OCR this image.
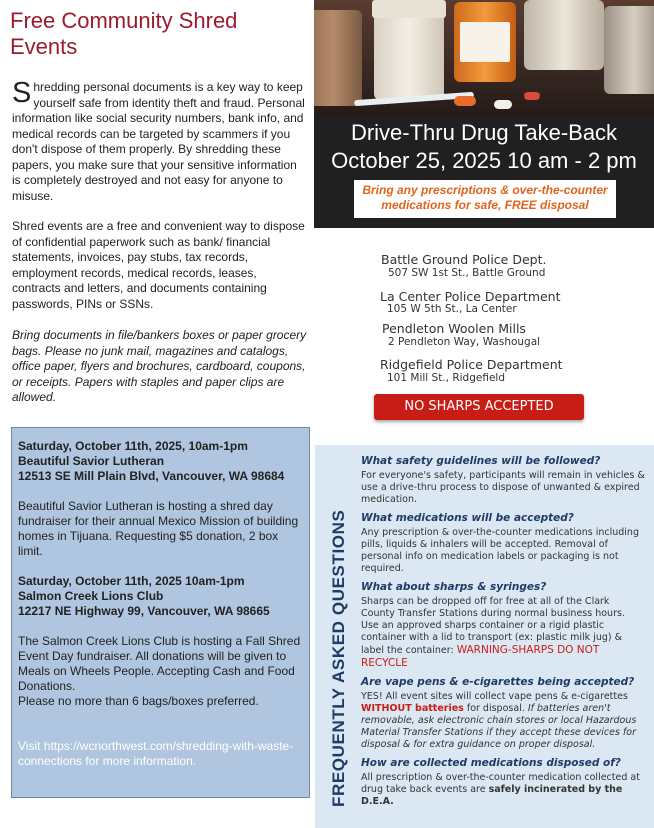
Free Community Shred Events

Shredding personal documents is a key way to keep yourself safe from identity theft and fraud. Personal information like social security numbers, bank info, and medical records can be targeted by scammers if you don't dispose of them properly. By shredding these papers, you make sure that your sensitive information is completely destroyed and not easy for anyone to misuse.

Shred events are a free and convenient way to dispose of confidential paperwork such as bank/ financial statements, invoices, pay stubs, tax records, employment records, medical records, leases, contracts and letters, and documents containing passwords, PINs or SSNs.

Bring documents in file/bankers boxes or paper grocery bags. Please no junk mail, magazines and catalogs, office paper, flyers and brochures, cardboard, coupons, or receipts. Papers with staples and paper clips are allowed.

Saturday, October 11th, 2025, 10am-1pm

Beautiful Savior Lutheran

12513 SE Mill Plain Blvd, Vancouver, WA 98684

Beautiful Savior Lutheran is hosting a shred day fundraiser for their annual Mexico Mission of building homes in Tijuana. Requesting $5 donation, 2 box limit.

Saturday, October 11th, 2025 10am-1pm

Salmon Creek Lions Club

12217 NE Highway 99, Vancouver, WA 98665

The Salmon Creek Lions Club is hosting a Fall Shred Event Day fundraiser. All donations will be given to Meals on Wheels People. Accepting Cash and Food Donations.

Please no more than 6 bags/boxes preferred.

Visit https://wcnorthwest.com/shredding-with-waste-connections for more information.

Drive-Thru Drug Take-Back
October 25, 2025 10 am - 2 pm
Bring any prescriptions & over-the-counter medications for safe, FREE disposal
Battle Ground Police Dept.
507 SW 1st St., Battle Ground
La Center Police Department
105 W 5th St., La Center
Pendleton Woolen Mills
2 Pendleton Way, Washougal
Ridgefield Police Department
101 Mill St., Ridgefield
NO SHARPS ACCEPTED
FREQUENTLY ASKED QUESTIONS

What safety guidelines will be followed?

For everyone's safety, participants will remain in vehicles & use a drive-thru process to dispose of unwanted & expired medication.

What medications will be accepted?

Any prescription & over-the-counter medications including pills, liquids & inhalers will be accepted. Removal of personal info on medication labels or packaging is not required.

What about sharps & syringes?

Sharps can be dropped off for free at all of the Clark County Transfer Stations during normal business hours. Use an approved sharps container or a rigid plastic container with a lid to transport (ex: plastic milk jug) & label the container: WARNING-SHARPS DO NOT RECYCLE

Are vape pens & e-cigarettes being accepted?

YES! All event sites will collect vape pens & e-cigarettes WITHOUT batteries for disposal. If batteries aren't removable, ask electronic chain stores or local Hazardous Material Transfer Stations if they accept these devices for disposal & for extra guidance on proper disposal.

How are collected medications disposed of?

All prescription & over-the-counter medication collected at drug take back events are safely incinerated by the D.E.A.
